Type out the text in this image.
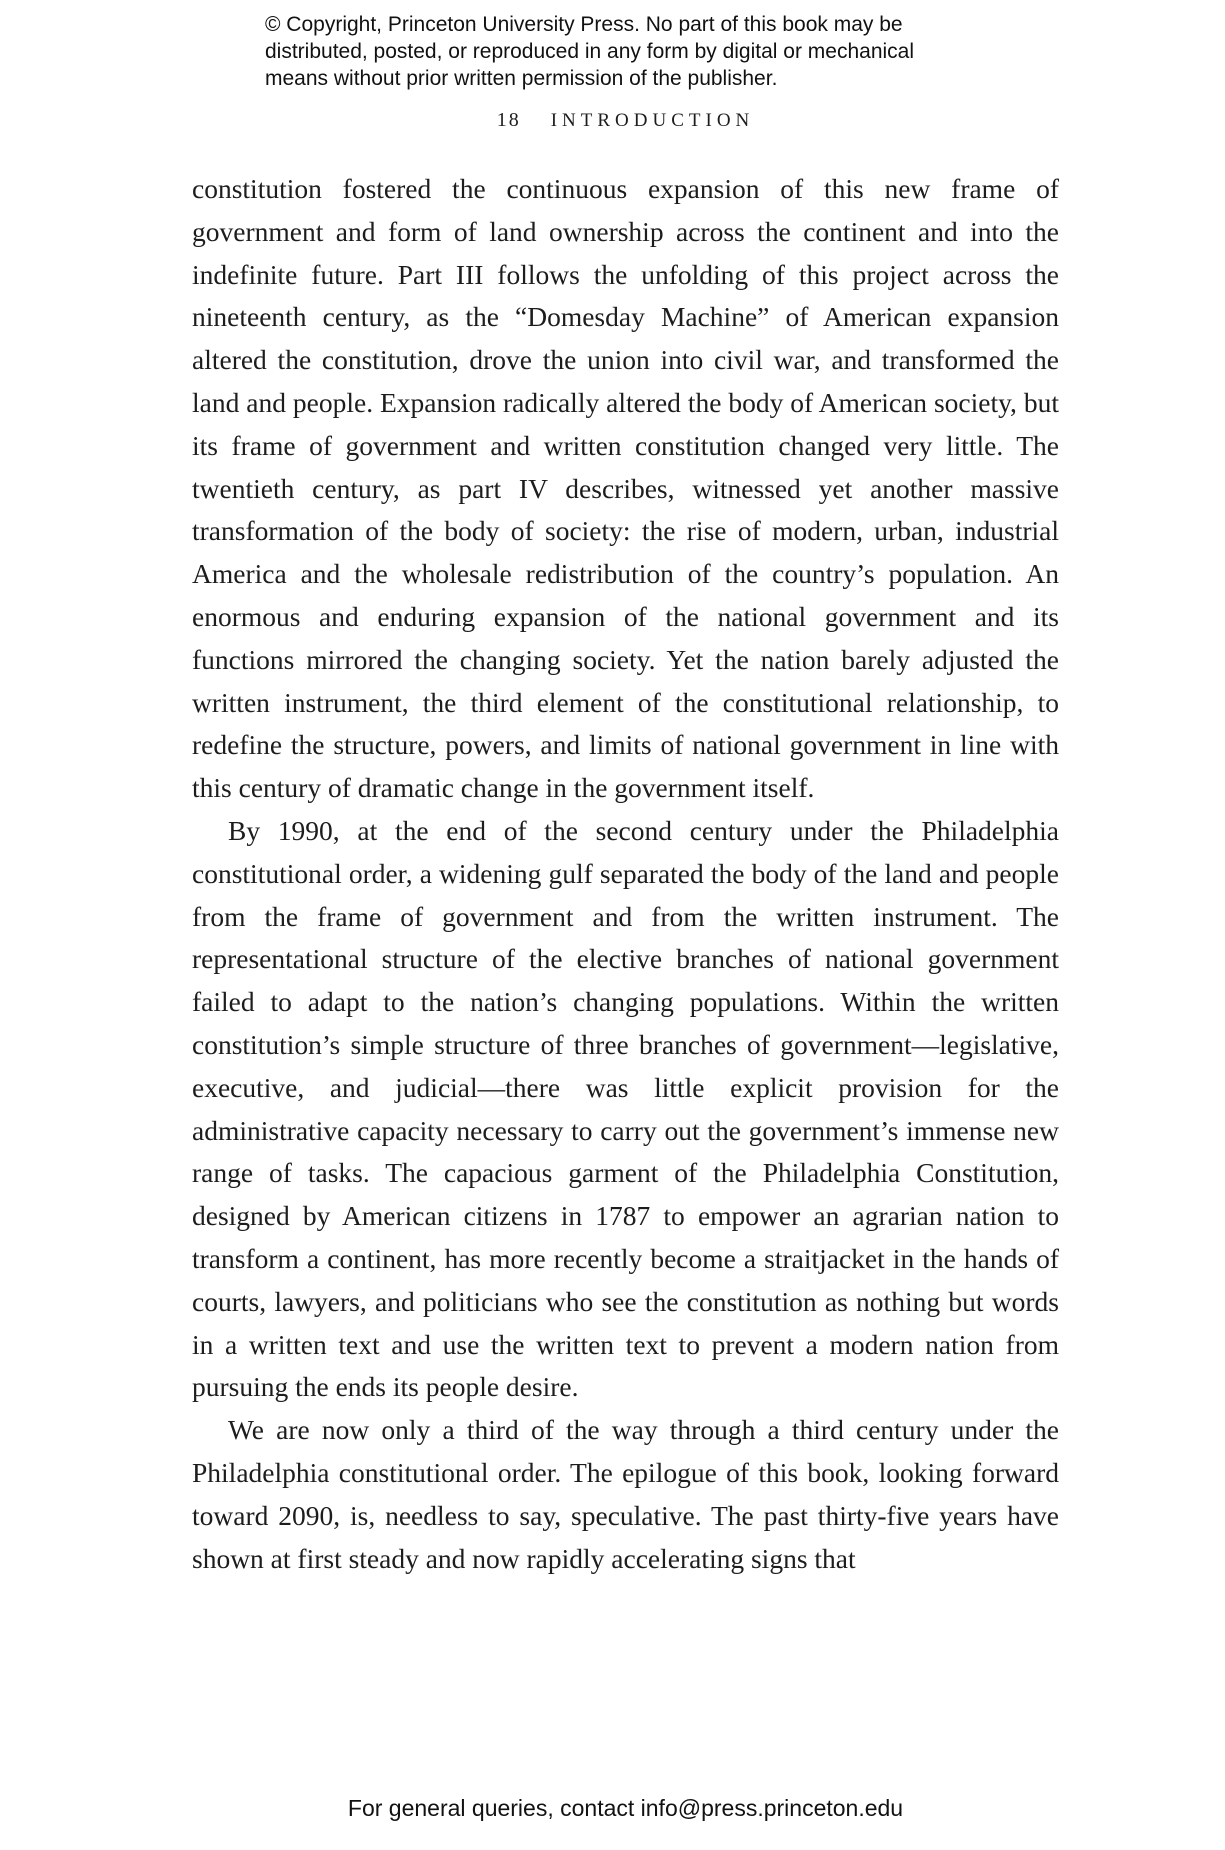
© Copyright, Princeton University Press. No part of this book may be
distributed, posted, or reproduced in any form by digital or mechanical
means without prior written permission of the publisher.
18 INTRODUCTION

constitution fostered the continuous expansion of this new frame of government and form of land ownership across the continent and into the indefinite future. Part III follows the unfolding of this project across the nineteenth century, as the “Domesday Machine” of American expansion altered the constitution, drove the union into civil war, and transformed the land and people. Expansion radically altered the body of American society, but its frame of government and written constitution changed very little. The twentieth century, as part IV describes, witnessed yet another massive transformation of the body of society: the rise of modern, urban, industrial America and the wholesale redistribution of the country’s population. An enormous and enduring expansion of the national government and its functions mirrored the changing society. Yet the nation barely adjusted the written instrument, the third element of the constitutional relationship, to redefine the structure, powers, and limits of national government in line with this century of dramatic change in the government itself.

By 1990, at the end of the second century under the Philadelphia constitutional order, a widening gulf separated the body of the land and people from the frame of government and from the written instrument. The representational structure of the elective branches of national government failed to adapt to the nation’s changing populations. Within the written constitution’s simple structure of three branches of government—legislative, executive, and judicial—there was little explicit provision for the administrative capacity necessary to carry out the government’s immense new range of tasks. The capacious garment of the Philadelphia Constitution, designed by American citizens in 1787 to empower an agrarian nation to transform a continent, has more recently become a straitjacket in the hands of courts, lawyers, and politicians who see the constitution as nothing but words in a written text and use the written text to prevent a modern nation from pursuing the ends its people desire.

We are now only a third of the way through a third century under the Philadelphia constitutional order. The epilogue of this book, looking forward toward 2090, is, needless to say, speculative. The past thirty-five years have shown at first steady and now rapidly accelerating signs that

For general queries, contact info@press.princeton.edu
